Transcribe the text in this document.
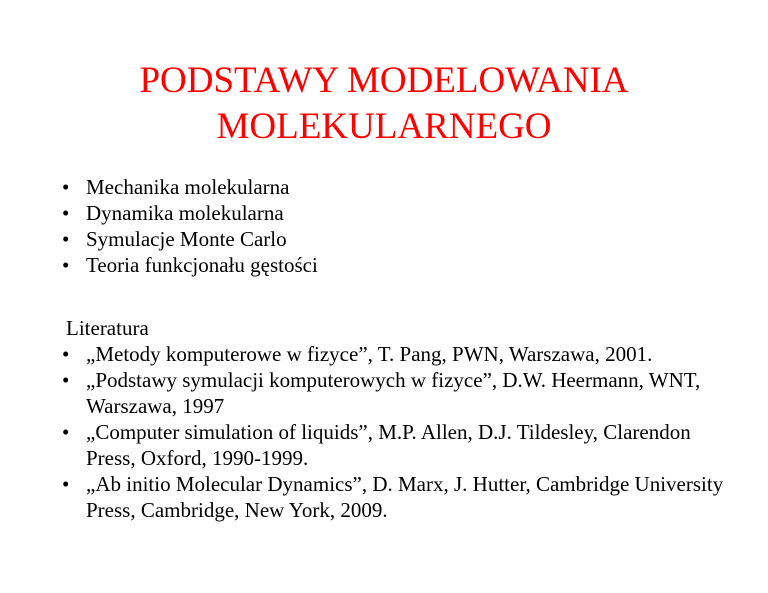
PODSTAWY MODELOWANIA
MOLEKULARNEGO
• Mechanika molekularna
• Dynamika molekularna
• Symulacje Monte Carlo
• Teoria funkcjonału gęstości

Literatura

• „Metody komputerowe w fizyce”, T. Pang, PWN, Warszawa, 2001.
• „Podstawy symulacji komputerowych w fizyce”, D.W. Heermann, WNT, Warszawa, 1997
• „Computer simulation of liquids”, M.P. Allen, D.J. Tildesley, Clarendon Press, Oxford, 1990-1999.
• „Ab initio Molecular Dynamics”, D. Marx, J. Hutter, Cambridge University Press, Cambridge, New York, 2009.
